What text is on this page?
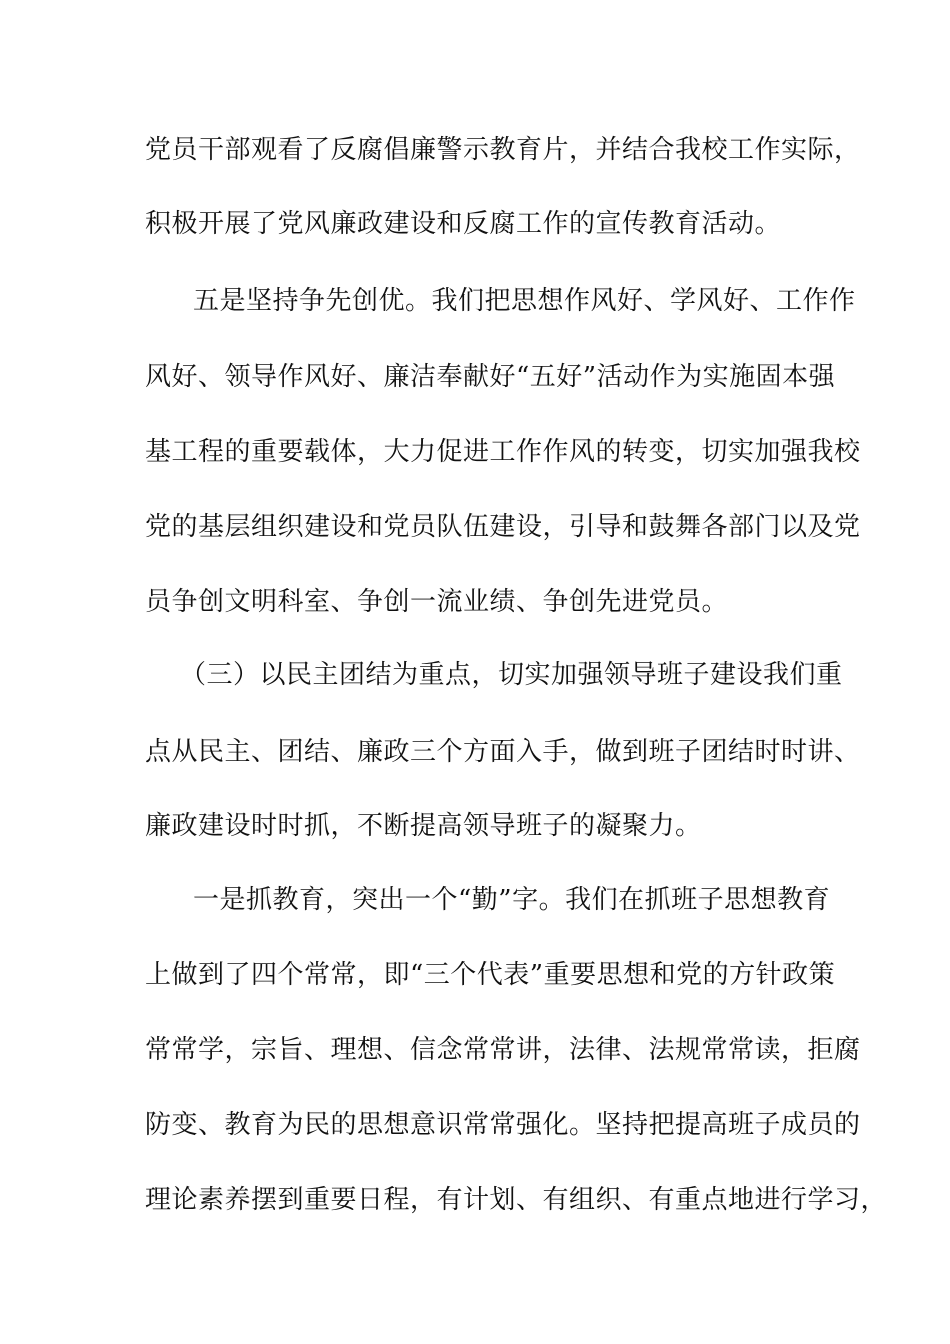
党员干部观看了反腐倡廉警示教育片，并结合我校工作实际，
积极开展了党风廉政建设和反腐工作的宣传教育活动。
五是坚持争先创优。我们把思想作风好、学风好、工作作
风好、领导作风好、廉洁奉献好“五好”活动作为实施固本强
基工程的重要载体，大力促进工作作风的转变，切实加强我校
党的基层组织建设和党员队伍建设，引导和鼓舞各部门以及党
员争创文明科室、争创一流业绩、争创先进党员。
（三）以民主团结为重点，切实加强领导班子建设我们重
点从民主、团结、廉政三个方面入手，做到班子团结时时讲、
廉政建设时时抓，不断提高领导班子的凝聚力。
一是抓教育，突出一个“勤”字。我们在抓班子思想教育
上做到了四个常常，即“三个代表”重要思想和党的方针政策
常常学，宗旨、理想、信念常常讲，法律、法规常常读，拒腐
防变、教育为民的思想意识常常强化。坚持把提高班子成员的
理论素养摆到重要日程，有计划、有组织、有重点地进行学习，
